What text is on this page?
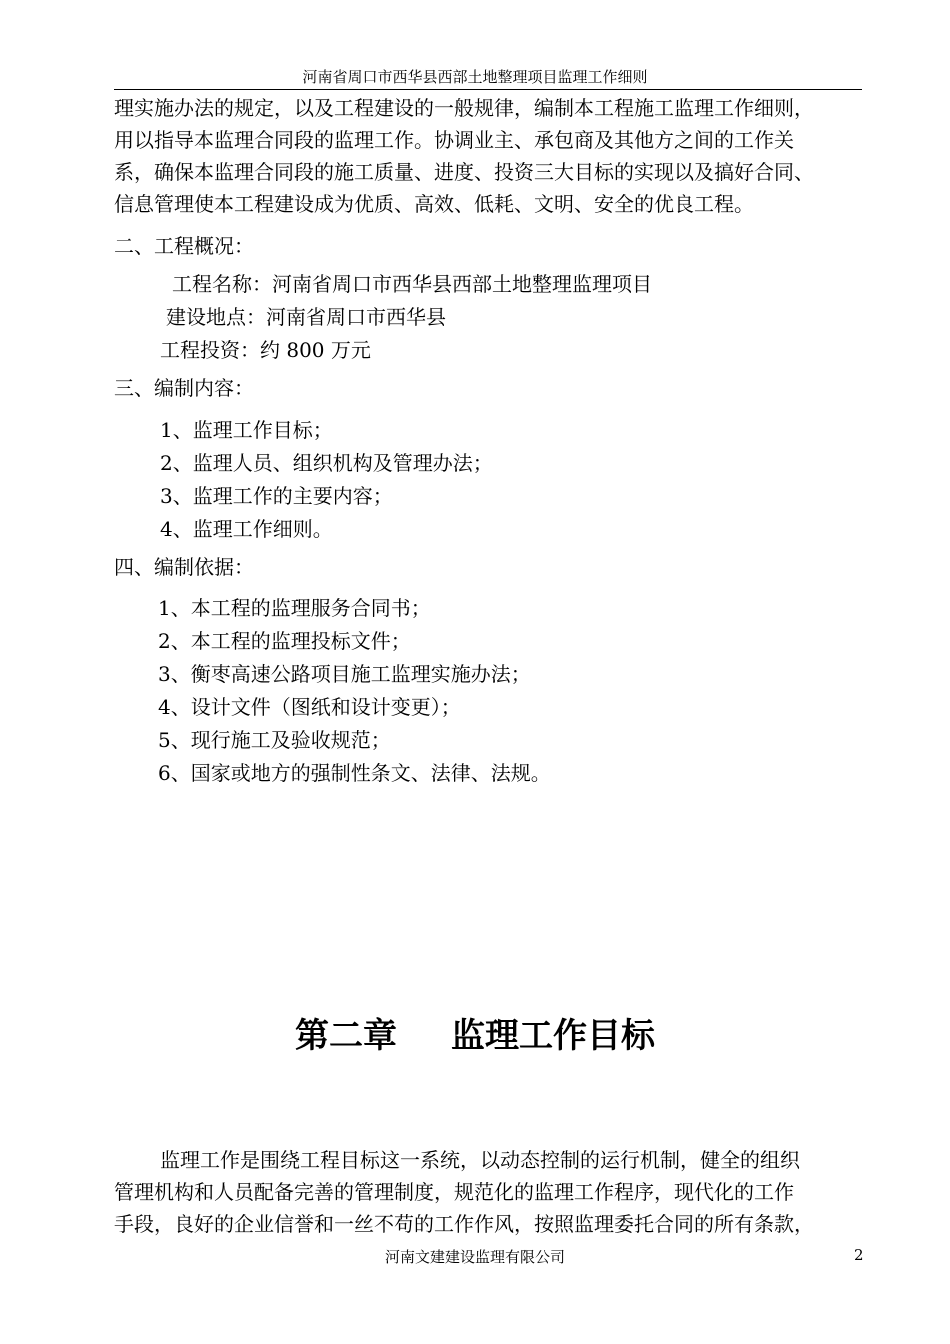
河南省周口市西华县西部土地整理项目监理工作细则
理实施办法的规定，以及工程建设的一般规律，编制本工程施工监理工作细则，
用以指导本监理合同段的监理工作。协调业主、承包商及其他方之间的工作关
系，确保本监理合同段的施工质量、进度、投资三大目标的实现以及搞好合同、
信息管理使本工程建设成为优质、高效、低耗、文明、安全的优良工程。
二、工程概况：
工程名称：河南省周口市西华县西部土地整理监理项目
建设地点：河南省周口市西华县
工程投资：约 800 万元
三、编制内容：
1、监理工作目标；
2、监理人员、组织机构及管理办法；
3、监理工作的主要内容；
4、监理工作细则。
四、编制依据：
1、本工程的监理服务合同书；
2、本工程的监理投标文件；
3、衡枣高速公路项目施工监理实施办法；
4、设计文件（图纸和设计变更）；
5、现行施工及验收规范；
6、国家或地方的强制性条文、法律、法规。
第二章 监理工作目标
监理工作是围绕工程目标这一系统，以动态控制的运行机制，健全的组织
管理机构和人员配备完善的管理制度，规范化的监理工作程序，现代化的工作
手段，良好的企业信誉和一丝不苟的工作作风，按照监理委托合同的所有条款，
河南文建建设监理有限公司	2
